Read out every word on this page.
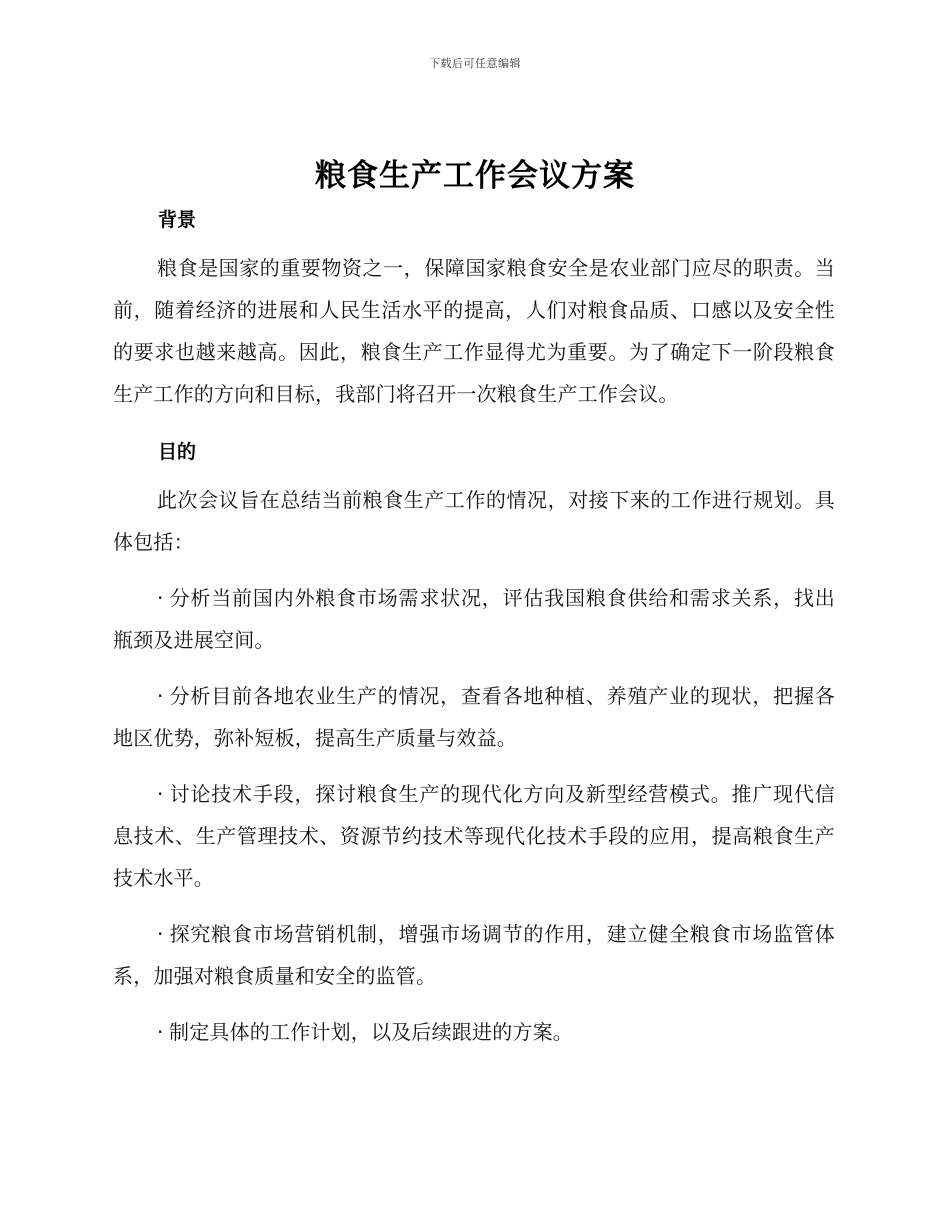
下载后可任意编辑
粮食生产工作会议方案
背景

粮食是国家的重要物资之一，保障国家粮食安全是农业部门应尽的职责。当前，随着经济的进展和人民生活水平的提高，人们对粮食品质、口感以及安全性的要求也越来越高。因此，粮食生产工作显得尤为重要。为了确定下一阶段粮食生产工作的方向和目标，我部门将召开一次粮食生产工作会议。

目的

此次会议旨在总结当前粮食生产工作的情况，对接下来的工作进行规划。具体包括：

· 分析当前国内外粮食市场需求状况，评估我国粮食供给和需求关系，找出瓶颈及进展空间。
· 分析目前各地农业生产的情况，查看各地种植、养殖产业的现状，把握各地区优势，弥补短板，提高生产质量与效益。
· 讨论技术手段，探讨粮食生产的现代化方向及新型经营模式。推广现代信息技术、生产管理技术、资源节约技术等现代化技术手段的应用，提高粮食生产技术水平。
· 探究粮食市场营销机制，增强市场调节的作用，建立健全粮食市场监管体系，加强对粮食质量和安全的监管。
· 制定具体的工作计划，以及后续跟进的方案。
